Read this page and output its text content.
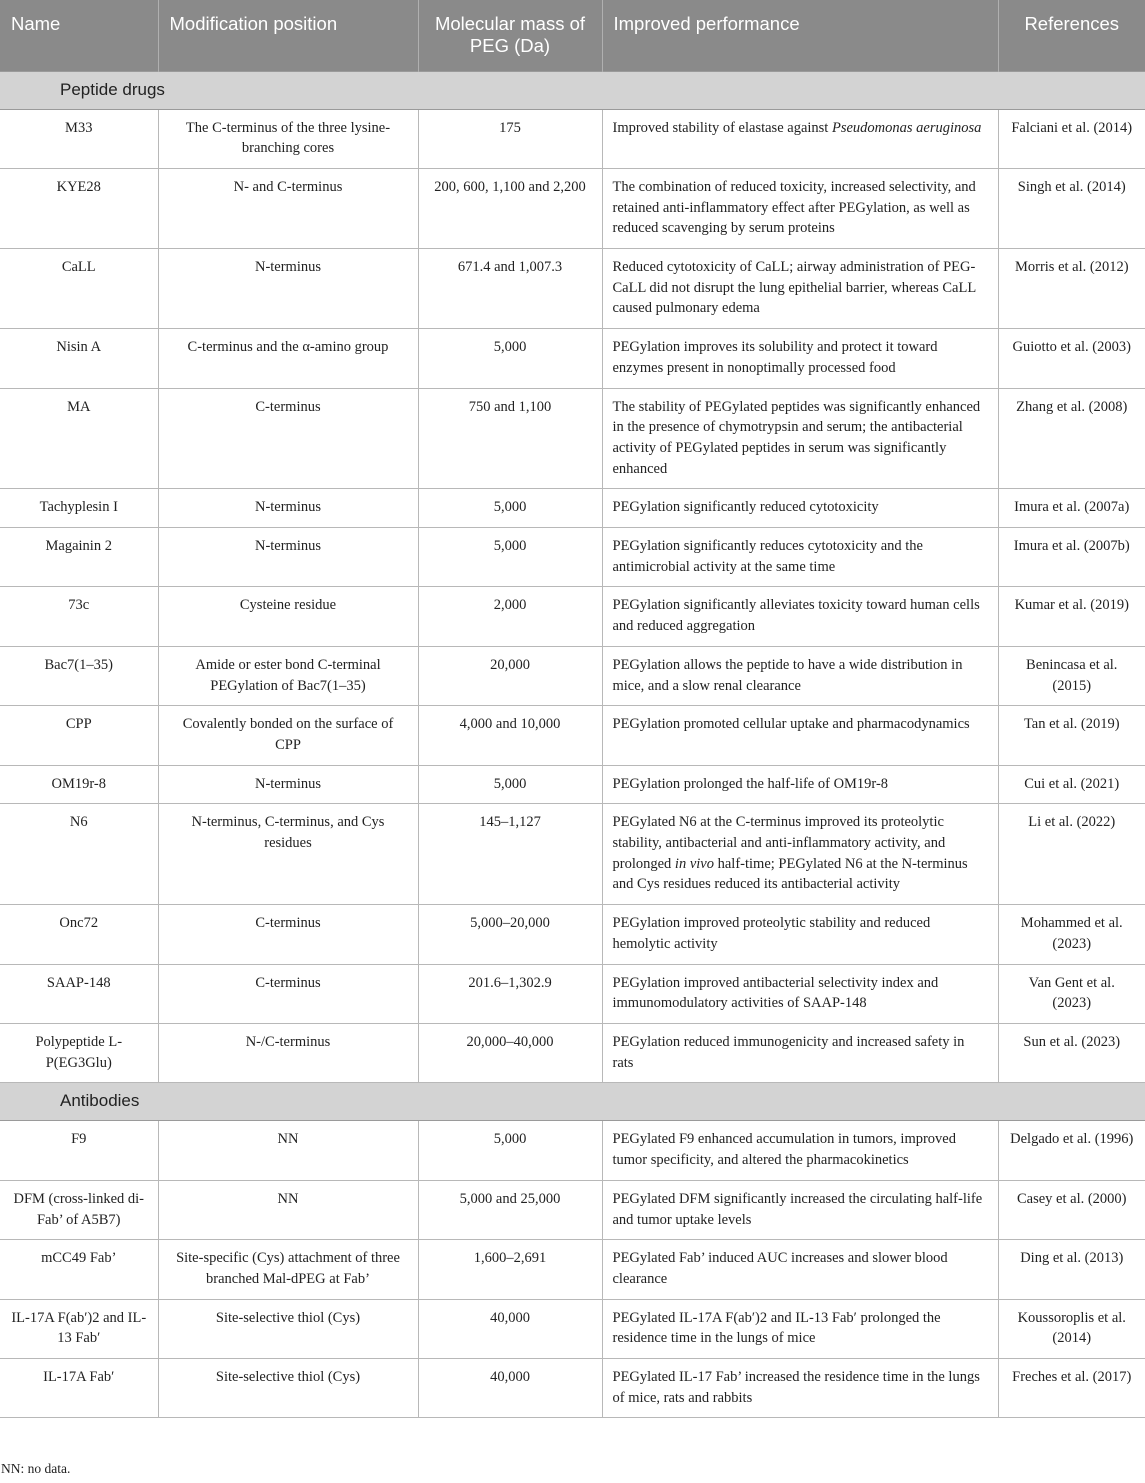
Name	Modification position	Molecular mass of PEG (Da)	Improved performance	References
Peptide drugs				
M33	The C-terminus of the three lysine-branching cores	175	Improved stability of elastase against Pseudomonas aeruginosa	Falciani et al. (2014)
KYE28	N- and C-terminus	200, 600, 1,100 and 2,200	The combination of reduced toxicity, increased selectivity, and retained anti-inflammatory effect after PEGylation, as well as reduced scavenging by serum proteins	Singh et al. (2014)
CaLL	N-terminus	671.4 and 1,007.3	Reduced cytotoxicity of CaLL; airway administration of PEG-CaLL did not disrupt the lung epithelial barrier, whereas CaLL caused pulmonary edema	Morris et al. (2012)
Nisin A	C-terminus and the α-amino group	5,000	PEGylation improves its solubility and protect it toward enzymes present in nonoptimally processed food	Guiotto et al. (2003)
MA	C-terminus	750 and 1,100	The stability of PEGylated peptides was significantly enhanced in the presence of chymotrypsin and serum; the antibacterial activity of PEGylated peptides in serum was significantly enhanced	Zhang et al. (2008)
Tachyplesin I	N-terminus	5,000	PEGylation significantly reduced cytotoxicity	Imura et al. (2007a)
Magainin 2	N-terminus	5,000	PEGylation significantly reduces cytotoxicity and the antimicrobial activity at the same time	Imura et al. (2007b)
73c	Cysteine residue	2,000	PEGylation significantly alleviates toxicity toward human cells and reduced aggregation	Kumar et al. (2019)
Bac7(1–35)	Amide or ester bond C-terminal PEGylation of Bac7(1–35)	20,000	PEGylation allows the peptide to have a wide distribution in mice, and a slow renal clearance	Benincasa et al. (2015)
CPP	Covalently bonded on the surface of CPP	4,000 and 10,000	PEGylation promoted cellular uptake and pharmacodynamics	Tan et al. (2019)
OM19r-8	N-terminus	5,000	PEGylation prolonged the half-life of OM19r-8	Cui et al. (2021)
N6	N-terminus, C-terminus, and Cys residues	145–1,127	PEGylated N6 at the C-terminus improved its proteolytic stability, antibacterial and anti-inflammatory activity, and prolonged in vivo half-time; PEGylated N6 at the N-terminus and Cys residues reduced its antibacterial activity	Li et al. (2022)
Onc72	C-terminus	5,000–20,000	PEGylation improved proteolytic stability and reduced hemolytic activity	Mohammed et al. (2023)
SAAP-148	C-terminus	201.6–1,302.9	PEGylation improved antibacterial selectivity index and immunomodulatory activities of SAAP-148	Van Gent et al. (2023)
Polypeptide L-P(EG3Glu)	N-/C-terminus	20,000–40,000	PEGylation reduced immunogenicity and increased safety in rats	Sun et al. (2023)
Antibodies				
F9	NN	5,000	PEGylated F9 enhanced accumulation in tumors, improved tumor specificity, and altered the pharmacokinetics	Delgado et al. (1996)
DFM (cross-linked di-Fab’ of A5B7)	NN	5,000 and 25,000	PEGylated DFM significantly increased the circulating half-life and tumor uptake levels	Casey et al. (2000)
mCC49 Fab’	Site-specific (Cys) attachment of three branched Mal-dPEG at Fab’	1,600–2,691	PEGylated Fab’ induced AUC increases and slower blood clearance	Ding et al. (2013)
IL-17A F(ab′)2 and IL-13 Fab′	Site-selective thiol (Cys)	40,000	PEGylated IL-17A F(ab′)2 and IL-13 Fab′ prolonged the residence time in the lungs of mice	Koussoroplis et al. (2014)
IL-17A Fab′	Site-selective thiol (Cys)	40,000	PEGylated IL-17 Fab’ increased the residence time in the lungs of mice, rats and rabbits	Freches et al. (2017)
NN: no data.
